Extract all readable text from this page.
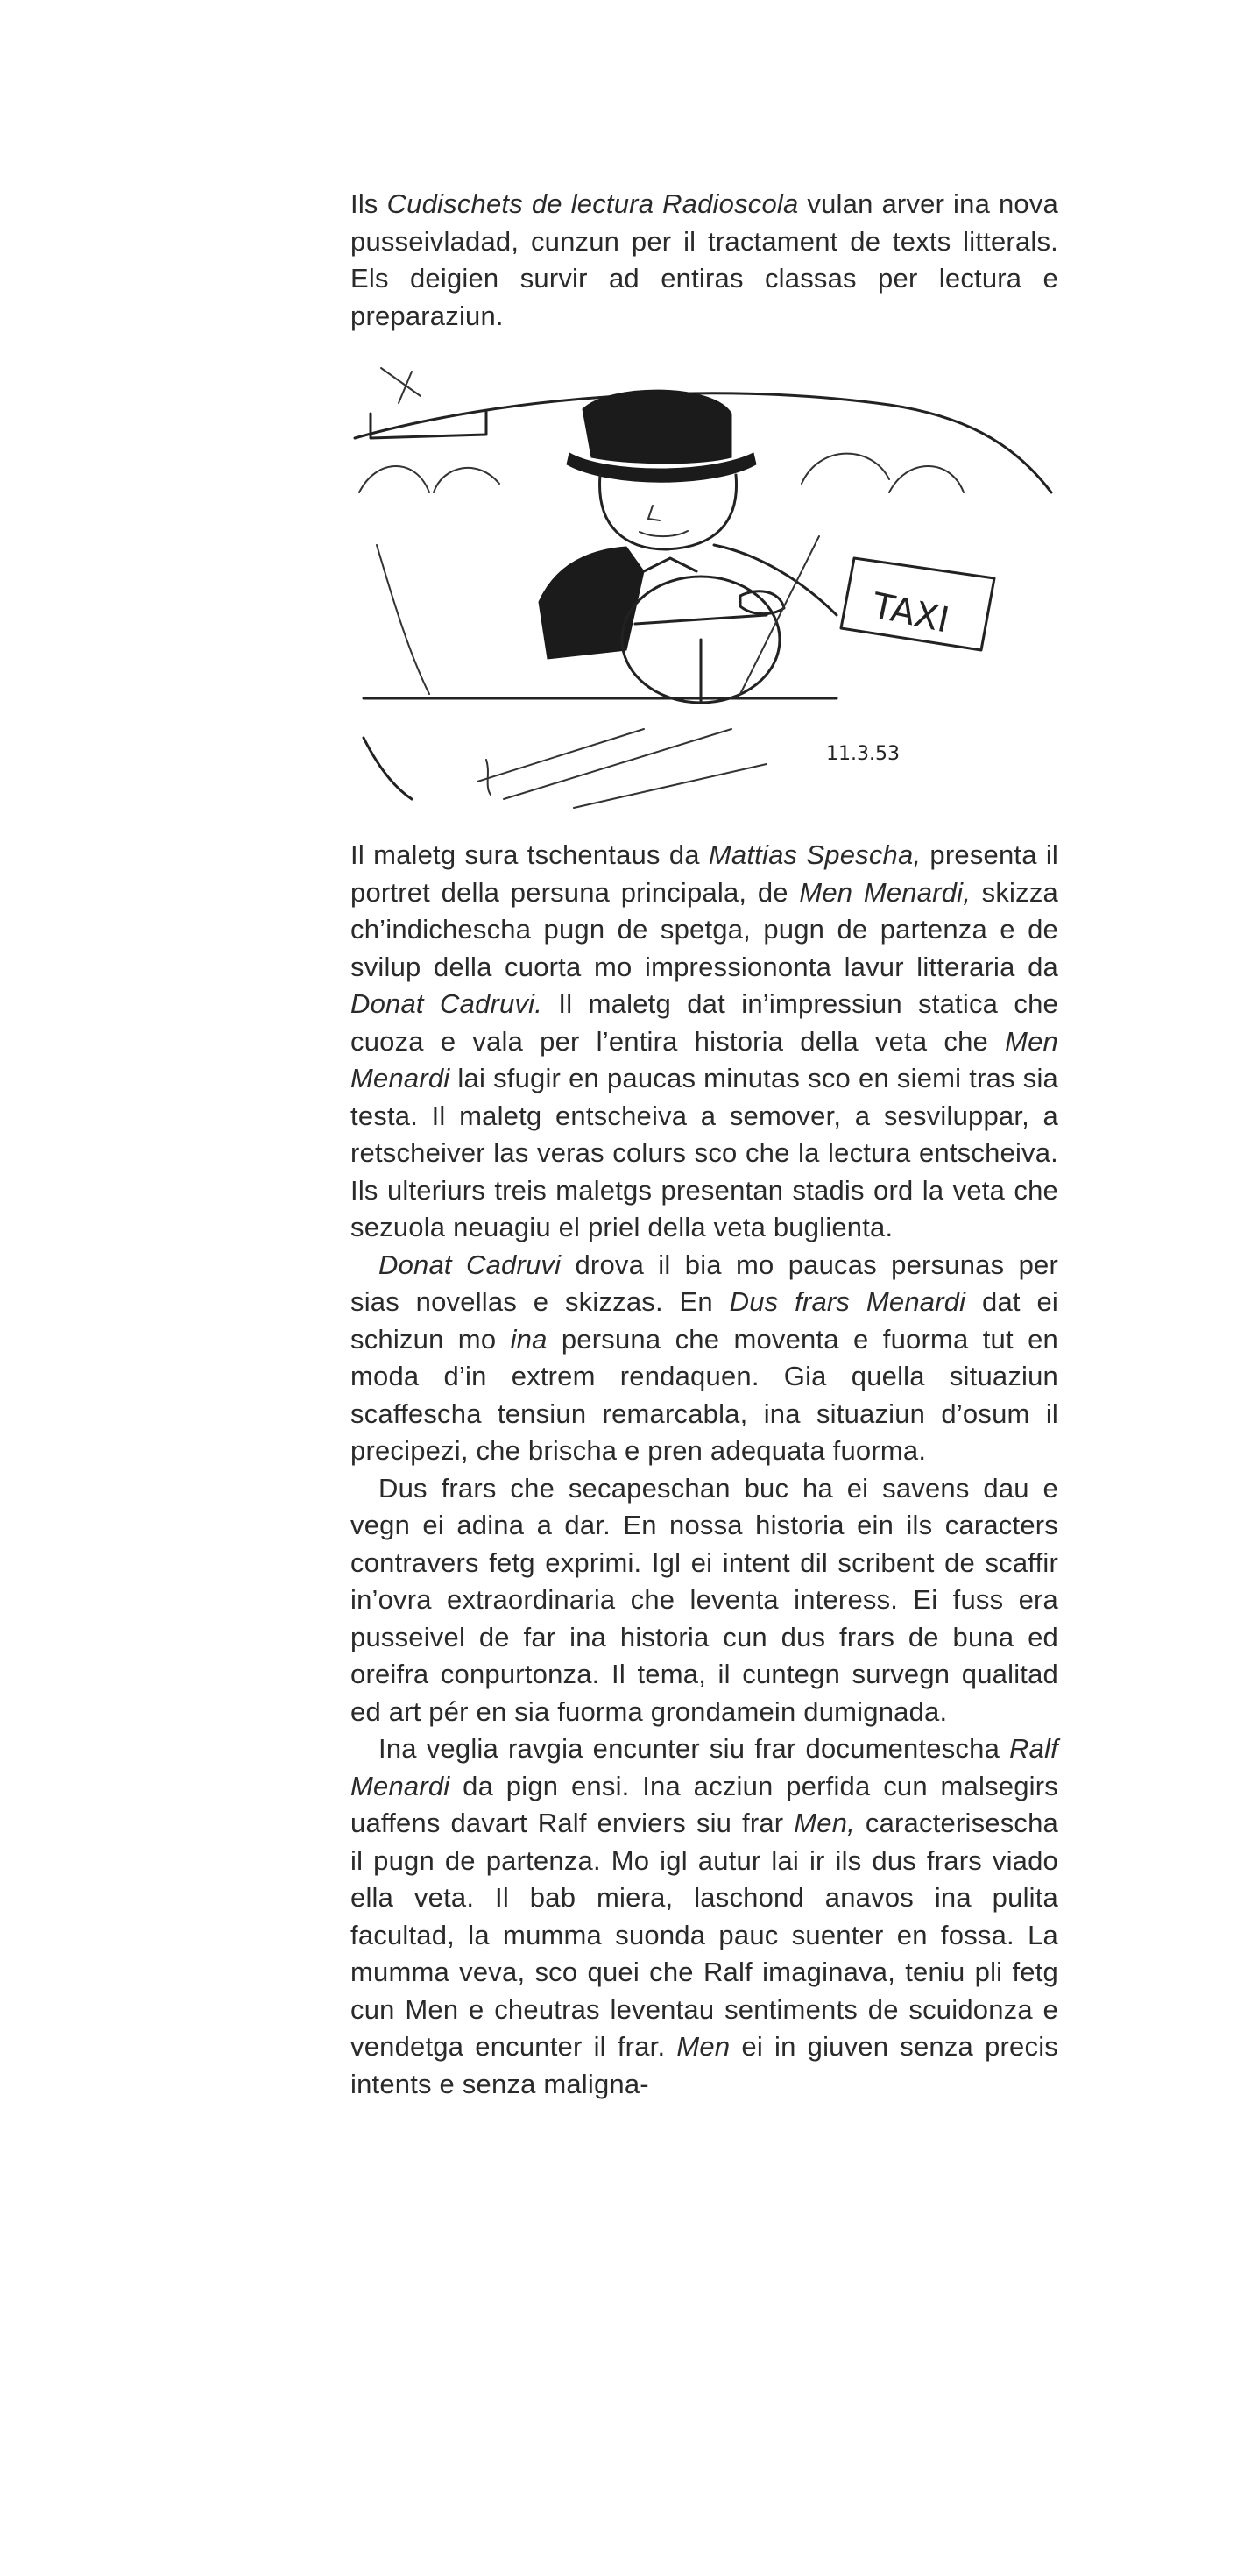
Ils Cudischets de lectura Radioscola vulan arver ina nova pusseivladad, cunzun per il tractament de texts litterals. Els deigien survir ad entiras classas per lectura e preparaziun.

TAXI
11.3.53

Il maletg sura tschentaus da Mattias Spescha, presenta il portret della persuna principala, de Men Menardi, skizza ch’indichescha pugn de spetga, pugn de partenza e de svilup della cuorta mo impressiononta lavur litteraria da Donat Cadruvi. Il maletg dat in’impressiun statica che cuoza e vala per l’entira historia della veta che Men Menardi lai sfugir en paucas minutas sco en siemi tras sia testa. Il maletg entscheiva a semover, a sesviluppar, a retscheiver las veras colurs sco che la lectura entscheiva. Ils ulteriurs treis maletgs presentan stadis ord la veta che sezuola neuagiu el priel della veta buglienta.

Donat Cadruvi drova il bia mo paucas persunas per sias novellas e skizzas. En Dus frars Menardi dat ei schizun mo ina persuna che moventa e fuorma tut en moda d’in extrem rendaquen. Gia quella situaziun scaffescha tensiun remarcabla, ina situaziun d’osum il precipezi, che brischa e pren adequata fuorma.

Dus frars che secapeschan buc ha ei savens dau e vegn ei adina a dar. En nossa historia ein ils caracters contravers fetg exprimi. Igl ei intent dil scribent de scaffir in’ovra extraordinaria che leventa interess. Ei fuss era pusseivel de far ina historia cun dus frars de buna ed oreifra conpurtonza. Il tema, il cuntegn survegn qualitad ed art pér en sia fuorma grondamein dumignada.

Ina veglia ravgia encunter siu frar documentescha Ralf Menardi da pign ensi. Ina acziun perfida cun malsegirs uaffens davart Ralf enviers siu frar Men, caracterisescha il pugn de partenza. Mo igl autur lai ir ils dus frars viado ella veta. Il bab miera, laschond anavos ina pulita facultad, la mumma suonda pauc suenter en fossa. La mumma veva, sco quei che Ralf imaginava, teniu pli fetg cun Men e cheutras leventau sentiments de scuidonza e vendetga encunter il frar. Men ei in giuven senza precis intents e senza maligna-
